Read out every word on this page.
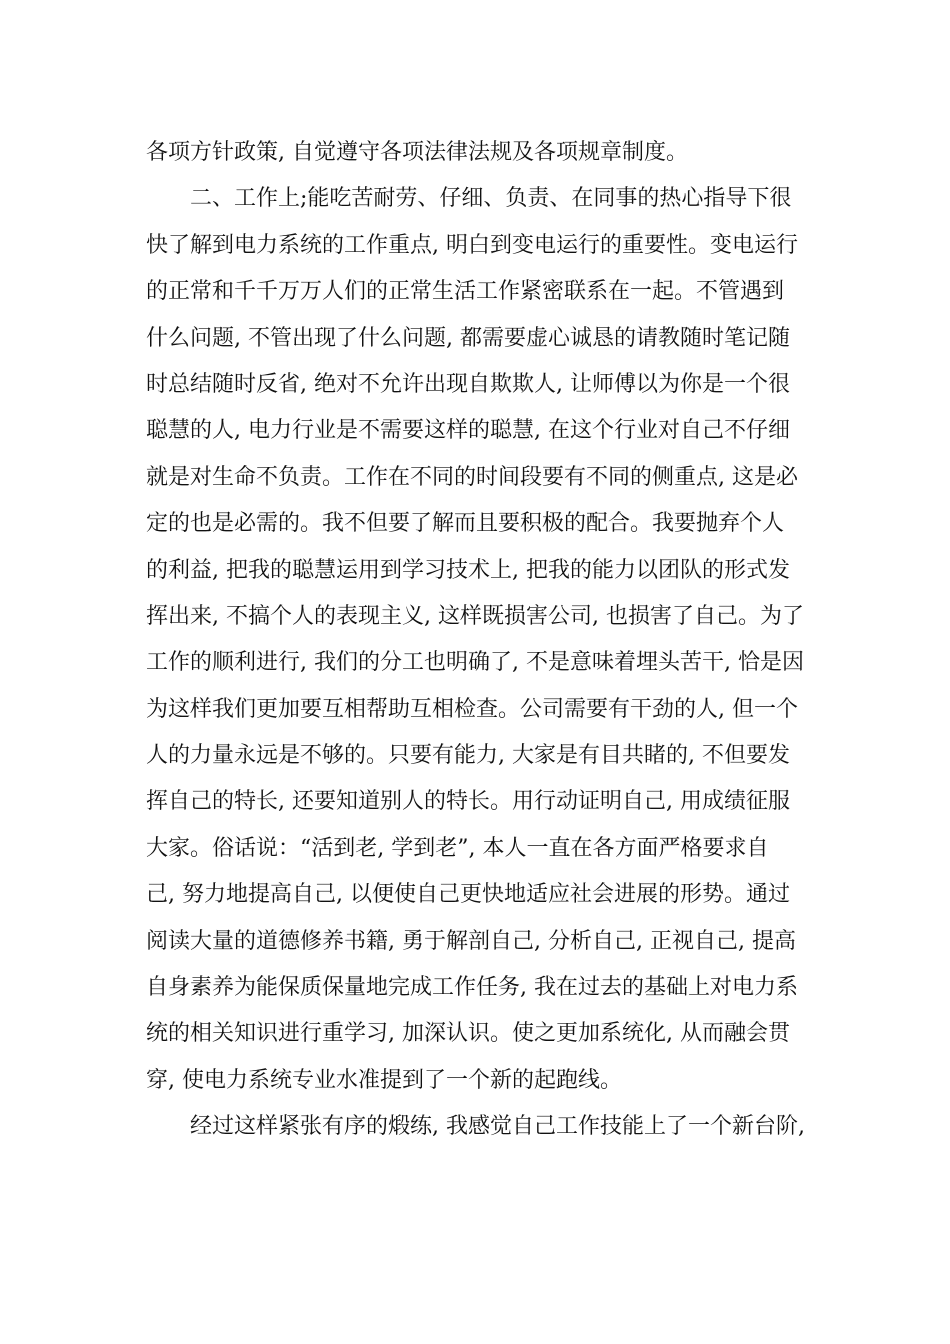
各项方针政策, 自觉遵守各项法律法规及各项规章制度。
二、工作上;能吃苦耐劳、仔细、负责、在同事的热心指导下很
快了解到电力系统的工作重点, 明白到变电运行的重要性。变电运行
的正常和千千万万人们的正常生活工作紧密联系在一起。不管遇到
什么问题, 不管出现了什么问题, 都需要虚心诚恳的请教随时笔记随
时总结随时反省, 绝对不允许出现自欺欺人, 让师傅以为你是一个很
聪慧的人, 电力行业是不需要这样的聪慧, 在这个行业对自己不仔细
就是对生命不负责。工作在不同的时间段要有不同的侧重点, 这是必
定的也是必需的。我不但要了解而且要积极的配合。我要抛弃个人
的利益, 把我的聪慧运用到学习技术上, 把我的能力以团队的形式发
挥出来, 不搞个人的表现主义, 这样既损害公司, 也损害了自己。为了
工作的顺利进行, 我们的分工也明确了, 不是意味着埋头苦干, 恰是因
为这样我们更加要互相帮助互相检查。公司需要有干劲的人, 但一个
人的力量永远是不够的。只要有能力, 大家是有目共睹的, 不但要发
挥自己的特长, 还要知道别人的特长。用行动证明自己, 用成绩征服
大家。俗话说：“活到老, 学到老”, 本人一直在各方面严格要求自
己, 努力地提高自己, 以便使自己更快地适应社会进展的形势。通过
阅读大量的道德修养书籍, 勇于解剖自己, 分析自己, 正视自己, 提高
自身素养为能保质保量地完成工作任务, 我在过去的基础上对电力系
统的相关知识进行重学习, 加深认识。使之更加系统化, 从而融会贯
穿, 使电力系统专业水准提到了一个新的起跑线。
经过这样紧张有序的煅练, 我感觉自己工作技能上了一个新台阶,
